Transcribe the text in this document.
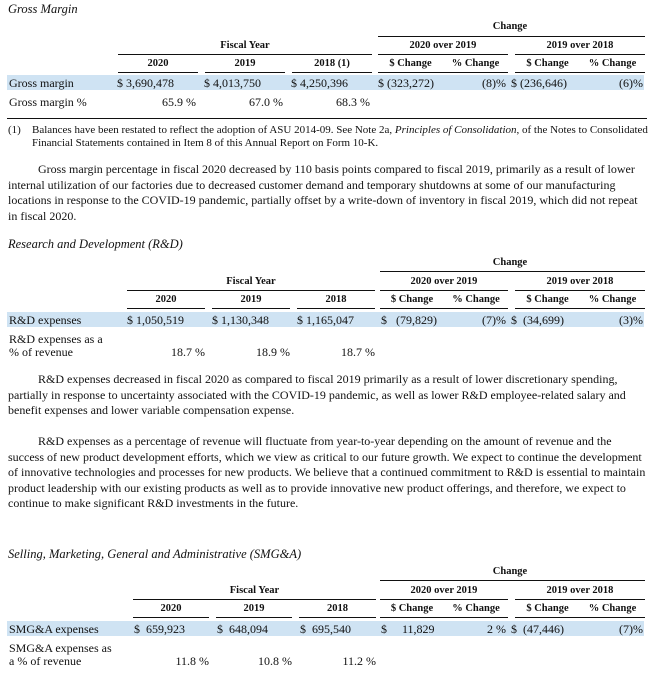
Gross Margin
Change
Fiscal Year	2020 over 2019	2019 over 2018
2020	2019	2018 (1)	$ Change	% Change	$ Change	% Change
Gross margin	$ 3,690,478	$ 4,013,750	$ 4,250,396	$ (323,272)	(8)% $ (236,646)	(6)%
Gross margin %	65.9 %	67.0 %	68.3 %
(1)	Balances have been restated to reflect the adoption of ASU 2014-09. See Note 2a, Principles of Consolidation, of the Notes to Consolidated Financial Statements contained in Item 8 of this Annual Report on Form 10-K.

Gross margin percentage in fiscal 2020 decreased by 110 basis points compared to fiscal 2019, primarily as a result of lower internal utilization of our factories due to decreased customer demand and temporary shutdowns at some of our manufacturing locations in response to the COVID-19 pandemic, partially offset by a write-down of inventory in fiscal 2019, which did not repeat in fiscal 2020.

Research and Development (R&D)
Change
Fiscal Year	2020 over 2019	2019 over 2018
2020	2019	2018	$ Change	% Change	$ Change	% Change
R&D expenses	$ 1,050,519 $ 1,130,348 $ 1,165,047 $   (79,829)	(7)% $  (34,699)	(3)%
R&D expenses as a
% of revenue	18.7 %	18.9 %	18.7 %

R&D expenses decreased in fiscal 2020 as compared to fiscal 2019 primarily as a result of lower discretionary spending, partially in response to uncertainty associated with the COVID-19 pandemic, as well as lower R&D employee-related salary and benefit expenses and lower variable compensation expense.

R&D expenses as a percentage of revenue will fluctuate from year-to-year depending on the amount of revenue and the success of new product development efforts, which we view as critical to our future growth. We expect to continue the development of innovative technologies and processes for new products. We believe that a continued commitment to R&D is essential to maintain product leadership with our existing products as well as to provide innovative new product offerings, and therefore, we expect to continue to make significant R&D investments in the future.

Selling, Marketing, General and Administrative (SMG&A)
Change
Fiscal Year	2020 over 2019	2019 over 2018
2020	2019	2018	$ Change	% Change	$ Change	% Change
SMG&A expenses	$  659,923	$  648,094	$  695,540	$     11,829	2 % $  (47,446)	(7)%
SMG&A expenses as
a % of revenue	11.8 %	10.8 %	11.2 %
